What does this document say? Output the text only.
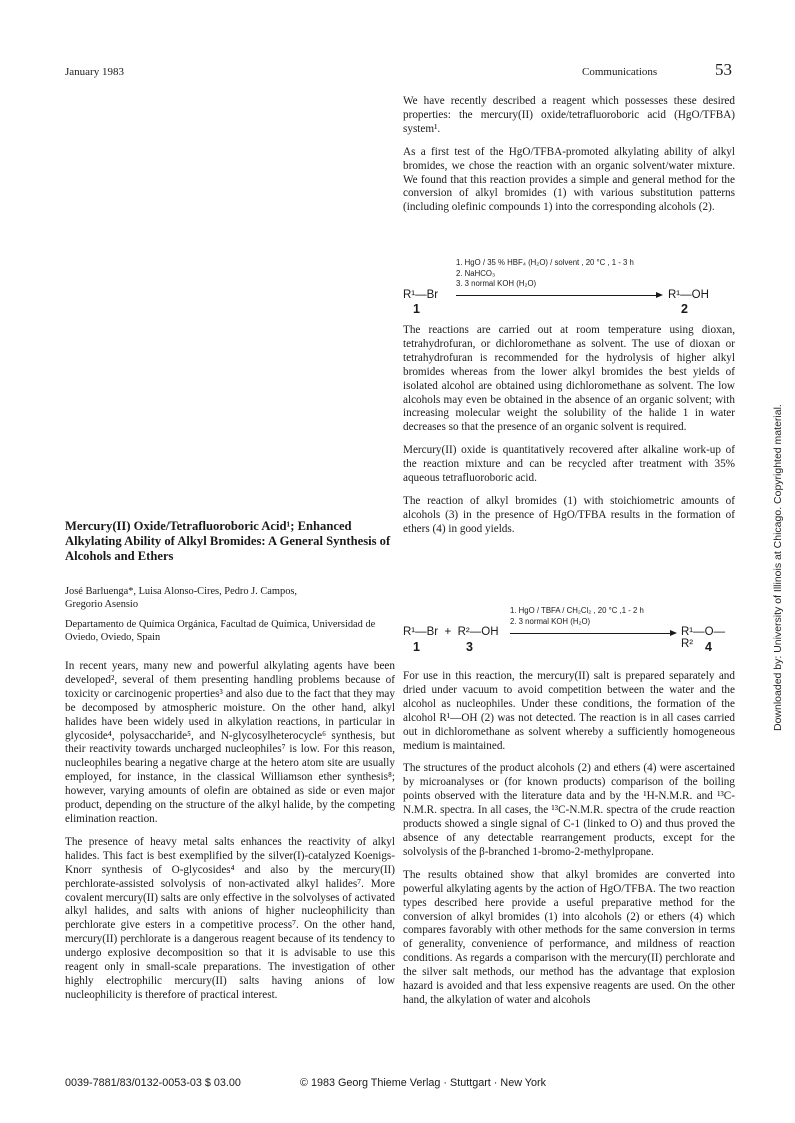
January 1983	Communications	53

We have recently described a reagent which possesses these desired properties: the mercury(II) oxide/tetrafluoroboric acid (HgO/TFBA) system¹.

As a first test of the HgO/TFBA-promoted alkylating ability of alkyl bromides, we chose the reaction with an organic solvent/water mixture. We found that this reaction provides a simple and general method for the conversion of alkyl bromides (1) with various substitution patterns (including olefinic compounds 1) into the corresponding alcohols (2).

1. HgO / 35 % HBF₄ (H₂O) / solvent , 20 °C , 1 - 3 h
2. NaHCO₃
3. 3 normal KOH (H₂O)
R¹—Br
1
R¹—OH
2

The reactions are carried out at room temperature using dioxan, tetrahydrofuran, or dichloromethane as solvent. The use of dioxan or tetrahydrofuran is recommended for the hydrolysis of higher alkyl bromides whereas from the lower alkyl bromides the best yields of isolated alcohol are obtained using dichloromethane as solvent. The low alcohols may even be obtained in the absence of an organic solvent; with increasing molecular weight the solubility of the halide 1 in water decreases so that the presence of an organic solvent is required.

Mercury(II) oxide is quantitatively recovered after alkaline work-up of the reaction mixture and can be recycled after treatment with 35% aqueous tetrafluoroboric acid.

The reaction of alkyl bromides (1) with stoichiometric amounts of alcohols (3) in the presence of HgO/TFBA results in the formation of ethers (4) in good yields.

1. HgO / TBFA / CH₂Cl₂ , 20 °C ,1 - 2 h
2. 3 normal KOH (H₂O)
R¹—Br  +  R²—OH
1	3
R¹—O—R² 4

For use in this reaction, the mercury(II) salt is prepared separately and dried under vacuum to avoid competition between the water and the alcohol as nucleophiles. Under these conditions, the formation of the alcohol R¹—OH (2) was not detected. The reaction is in all cases carried out in dichloromethane as solvent whereby a sufficiently homogeneous medium is maintained.

The structures of the product alcohols (2) and ethers (4) were ascertained by microanalyses or (for known products) comparison of the boiling points observed with the literature data and by the ¹H-N.M.R. and ¹³C-N.M.R. spectra. In all cases, the ¹³C-N.M.R. spectra of the crude reaction products showed a single signal of C-1 (linked to O) and thus proved the absence of any detectable rearrangement products, except for the solvolysis of the β-branched 1-bromo-2-methylpropane.

The results obtained show that alkyl bromides are converted into powerful alkylating agents by the action of HgO/TFBA. The two reaction types described here provide a useful preparative method for the conversion of alkyl bromides (1) into alcohols (2) or ethers (4) which compares favorably with other methods for the same conversion in terms of generality, convenience of performance, and mildness of reaction conditions. As regards a comparison with the mercury(II) perchlorate and the silver salt methods, our method has the advantage that explosion hazard is avoided and that less expensive reagents are used. On the other hand, the alkylation of water and alcohols

Mercury(II) Oxide/Tetrafluoroboric Acid¹; Enhanced Alkylating Ability of Alkyl Bromides: A General Synthesis of Alcohols and Ethers

José Barluenga*, Luisa Alonso-Cires, Pedro J. Campos,
Gregorio Asensio
Departamento de Química Orgánica, Facultad de Química, Universidad de Oviedo, Oviedo, Spain

In recent years, many new and powerful alkylating agents have been developed², several of them presenting handling problems because of toxicity or carcinogenic properties³ and also due to the fact that they may be decomposed by atmospheric moisture. On the other hand, alkyl halides have been widely used in alkylation reactions, in particular in glycoside⁴, polysaccharide⁵, and N-glycosylheterocycle⁶ synthesis, but their reactivity towards uncharged nucleophiles⁷ is low. For this reason, nucleophiles bearing a negative charge at the hetero atom site are usually employed, for instance, in the classical Williamson ether synthesis⁸; however, varying amounts of olefin are obtained as side or even major product, depending on the structure of the alkyl halide, by the competing elimination reaction.

The presence of heavy metal salts enhances the reactivity of alkyl halides. This fact is best exemplified by the silver(I)-catalyzed Koenigs-Knorr synthesis of O-glycosides⁴ and also by the mercury(II) perchlorate-assisted solvolysis of non-activated alkyl halides⁷. More covalent mercury(II) salts are only effective in the solvolyses of activated alkyl halides, and salts with anions of higher nucleophilicity than perchlorate give esters in a competitive process⁷. On the other hand, mercury(II) perchlorate is a dangerous reagent because of its tendency to undergo explosive decomposition so that it is advisable to use this reagent only in small-scale preparations. The investigation of other highly electrophilic mercury(II) salts having anions of low nucleophilicity is therefore of practical interest.

0039-7881/83/0132-0053-03 $ 03.00	© 1983 Georg Thieme Verlag · Stuttgart · New York
Downloaded by: University of Illinois at Chicago. Copyrighted material.
